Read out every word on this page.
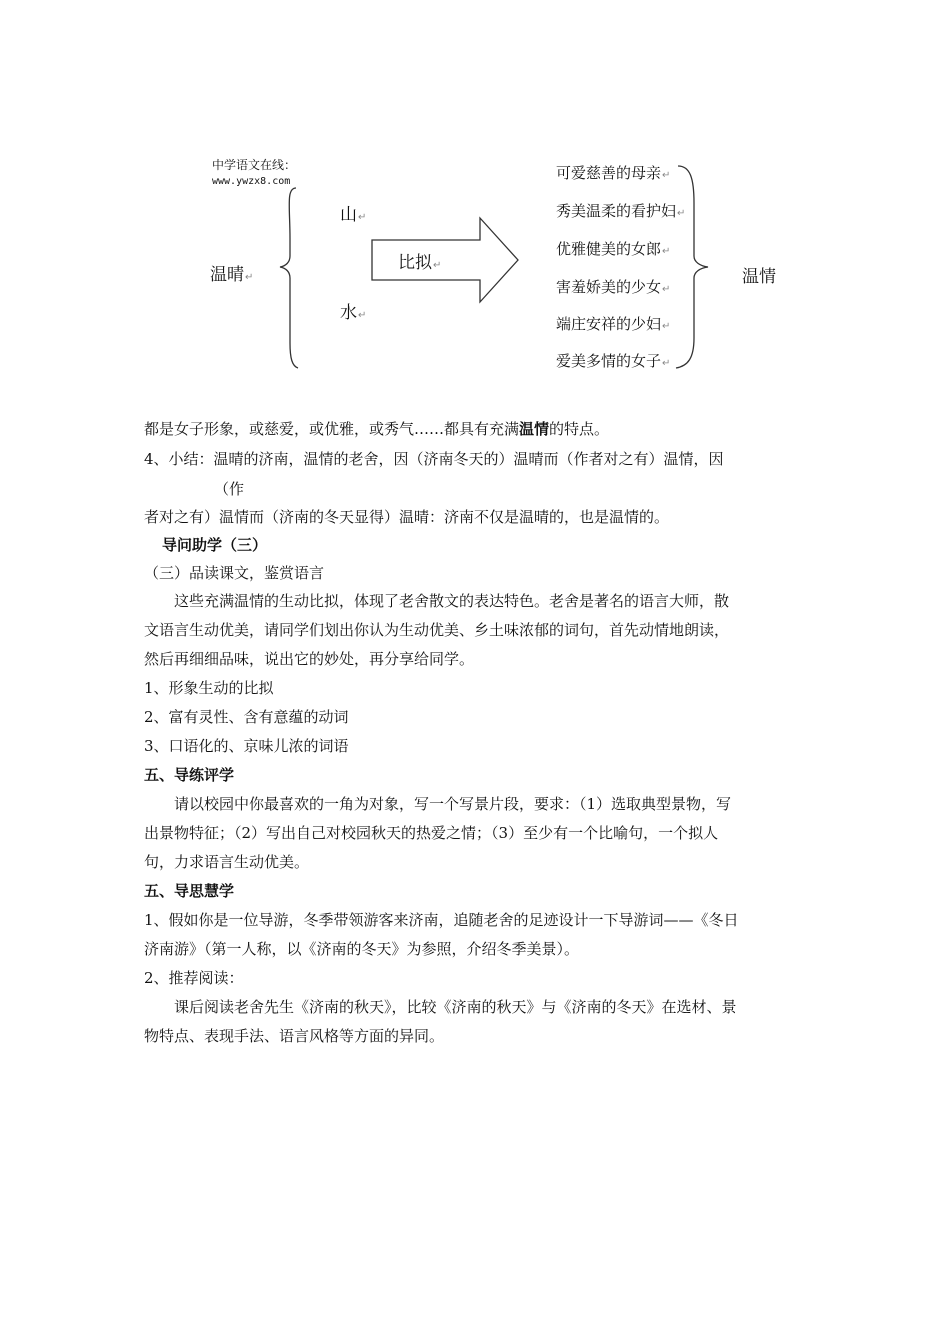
中学语文在线：
www.ywzx8.com
温晴↵
山↵
水↵
比拟↵
可爱慈善的母亲↵
秀美温柔的看护妇↵
优雅健美的女郎↵
害羞娇美的少女↵
端庄安祥的少妇↵
爱美多情的女子↵
温情
都是女子形象，或慈爱，或优雅，或秀气……都具有充满温情的特点。
4、小结：温晴的济南，温情的老舍，因（济南冬天的）温晴而（作者对之有）温情，因
（作
者对之有）温情而（济南的冬天显得）温晴：济南不仅是温晴的，也是温情的。
导问助学（三）
（三）品读课文，鉴赏语言
这些充满温情的生动比拟，体现了老舍散文的表达特色。老舍是著名的语言大师，散
文语言生动优美，请同学们划出你认为生动优美、乡土味浓郁的词句，首先动情地朗读，
然后再细细品味，说出它的妙处，再分享给同学。
1、形象生动的比拟
2、富有灵性、含有意蕴的动词
3、口语化的、京味儿浓的词语
五、导练评学
请以校园中你最喜欢的一角为对象，写一个写景片段，要求：（1）选取典型景物，写
出景物特征；（2）写出自己对校园秋天的热爱之情；（3）至少有一个比喻句，一个拟人
句，力求语言生动优美。
五、导思慧学
1、假如你是一位导游，冬季带领游客来济南，追随老舍的足迹设计一下导游词——《冬日
济南游》（第一人称，以《济南的冬天》为参照，介绍冬季美景）。
2、推荐阅读：
课后阅读老舍先生《济南的秋天》，比较《济南的秋天》与《济南的冬天》在选材、景
物特点、表现手法、语言风格等方面的异同。
